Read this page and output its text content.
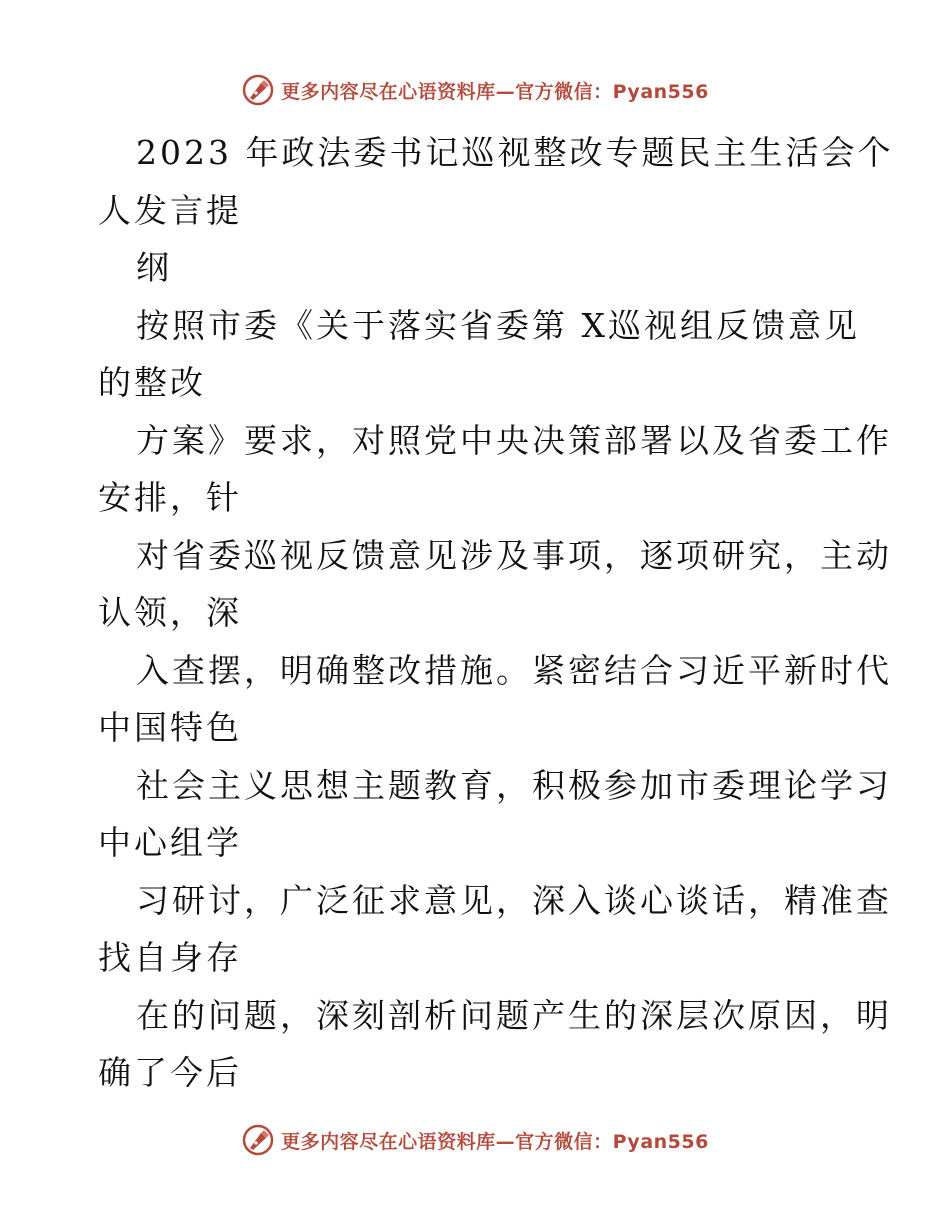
更多内容尽在心语资料库—官方微信：Pyan556
2023 年政法委书记巡视整改专题民主生活会个
人发言提
纲
按照市委《关于落实省委第 X巡视组反馈意见
的整改
方案》要求，对照党中央决策部署以及省委工作
安排，针
对省委巡视反馈意见涉及事项，逐项研究，主动
认领，深
入查摆，明确整改措施。紧密结合习近平新时代
中国特色
社会主义思想主题教育，积极参加市委理论学习
中心组学
习研讨，广泛征求意见，深入谈心谈话，精准查
找自身存
在的问题，深刻剖析问题产生的深层次原因，明
确了今后
更多内容尽在心语资料库—官方微信：Pyan556
